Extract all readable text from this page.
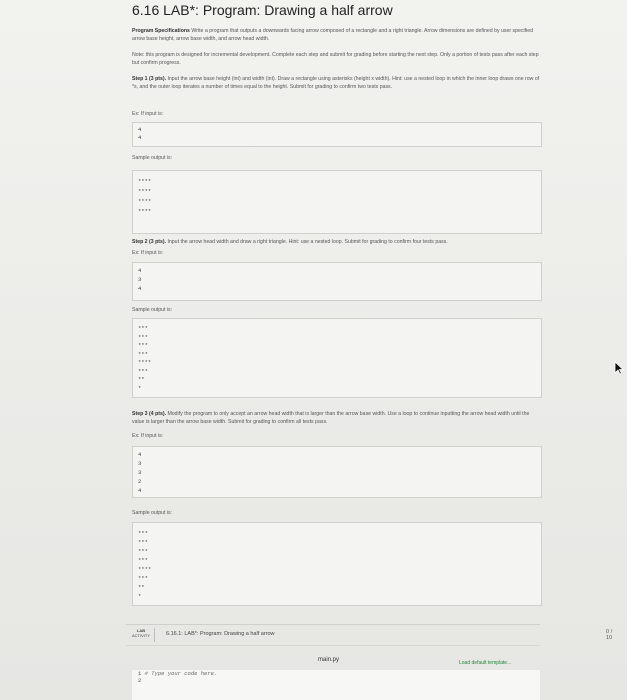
6.16 LAB*: Program: Drawing a half arrow
Program Specifications Write a program that outputs a downwards facing arrow composed of a rectangle and a right triangle. Arrow dimensions are defined by user specified arrow base height, arrow base width, and arrow head width.
Note: this program is designed for incremental development. Complete each step and submit for grading before starting the next step. Only a portion of tests pass after each step but confirm progress.
Step 1 (3 pts). Input the arrow base height (int) and width (int). Draw a rectangle using asterisks (height x width). Hint: use a nested loop in which the inner loop draws one row of *s, and the outer loop iterates a number of times equal to the height. Submit for grading to confirm two tests pass.
Ex: If input is:
4
4
Sample output is:
****
****
****
****
Step 2 (3 pts). Input the arrow head width and draw a right triangle. Hint: use a nested loop. Submit for grading to confirm four tests pass.
Ex: If input is:
4
3
4
Sample output is:
***
***
***
***
****
***
**
*
Step 3 (4 pts). Modify the program to only accept an arrow head width that is larger than the arrow base width. Use a loop to continue inputting the arrow head width until the value is larger than the arrow base width. Submit for grading to confirm all tests pass.
Ex: If input is:
4
3
3
2
4
Sample output is:
***
***
***
***
****
***
**
*
LAB
ACTIVITY	6.16.1: LAB*: Program: Drawing a half arrow	0 / 10
main.py	Load default template...
1 # Type your code here.
2
